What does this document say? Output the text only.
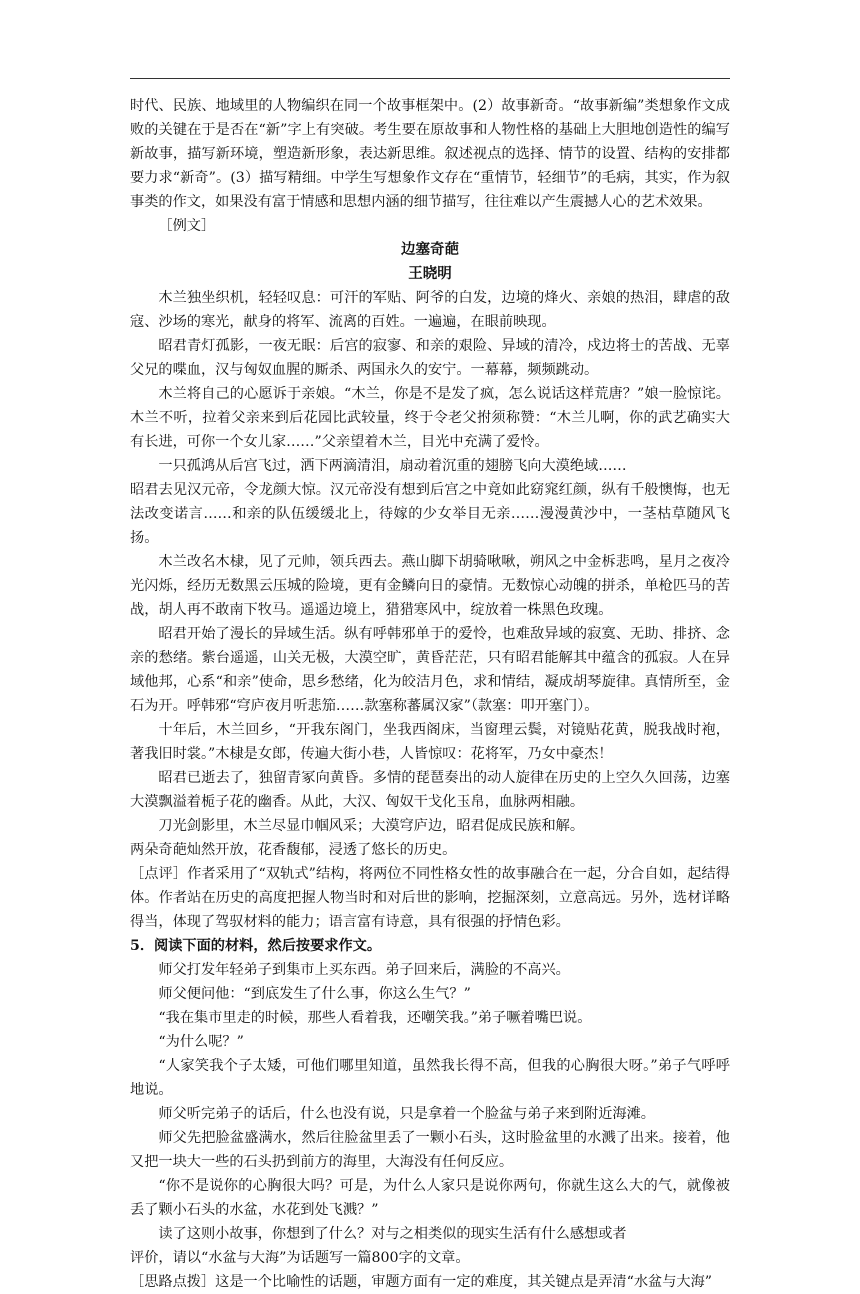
时代、民族、地域里的人物编织在同一个故事框架中。(2）故事新奇。“故事新编”类想象作文成败的关键在于是否在“新”字上有突破。考生要在原故事和人物性格的基础上大胆地创造性的编写新故事，描写新环境，塑造新形象，表达新思维。叙述视点的选择、情节的设置、结构的安排都要力求“新奇”。(3）描写精细。中学生写想象作文存在“重情节，轻细节”的毛病，其实，作为叙事类的作文，如果没有富于情感和思想内涵的细节描写，往往难以产生震撼人心的艺术效果。

［例文］

边塞奇葩

王晓明

木兰独坐织机，轻轻叹息：可汗的军贴、阿爷的白发，边境的烽火、亲娘的热泪，肆虐的敌寇、沙场的寒光，献身的将军、流离的百姓。一遍遍，在眼前映现。

昭君青灯孤影，一夜无眠：后宫的寂寥、和亲的艰险、异域的清冷，戍边将士的苦战、无辜父兄的喋血，汉与匈奴血腥的厮杀、两国永久的安宁。一幕幕，频频跳动。

木兰将自己的心愿诉于亲娘。“木兰，你是不是发了疯，怎么说话这样荒唐？”娘一脸惊诧。木兰不听，拉着父亲来到后花园比武较量，终于令老父拊须称赞：“木兰儿啊，你的武艺确实大有长进，可你一个女儿家……”父亲望着木兰，目光中充满了爱怜。

一只孤鸿从后宫飞过，洒下两滴清泪，扇动着沉重的翅膀飞向大漠绝域……

昭君去见汉元帝，令龙颜大惊。汉元帝没有想到后宫之中竟如此窈窕红颜，纵有千般懊悔，也无法改变诺言……和亲的队伍缓缓北上，待嫁的少女举目无亲……漫漫黄沙中，一茎枯草随风飞扬。

木兰改名木棣，见了元帅，领兵西去。燕山脚下胡骑啾啾，朔风之中金柝悲鸣，星月之夜冷光闪烁，经历无数黑云压城的险境，更有金鳞向日的豪情。无数惊心动魄的拼杀，单枪匹马的苦战，胡人再不敢南下牧马。遥遥边境上，猎猎寒风中，绽放着一株黑色玫瑰。

昭君开始了漫长的异域生活。纵有呼韩邪单于的爱怜，也难敌异域的寂寞、无助、排挤、念亲的愁绪。紫台遥遥，山关无极，大漠空旷，黄昏茫茫，只有昭君能解其中蕴含的孤寂。人在异域他邦，心系“和亲”使命，思乡愁绪，化为皎洁月色，求和情结，凝成胡琴旋律。真情所至，金石为开。呼韩邪“穹庐夜月听悲笳……款塞称蕃属汉家”（款塞：叩开塞门）。

十年后，木兰回乡，“开我东阁门，坐我西阁床，当窗理云鬓，对镜贴花黄，脱我战时袍，著我旧时裳。”木棣是女郎，传遍大街小巷，人皆惊叹：花将军，乃女中豪杰！

昭君已逝去了，独留青冢向黄昏。多情的琵琶奏出的动人旋律在历史的上空久久回荡，边塞大漠飘溢着栀子花的幽香。从此，大汉、匈奴干戈化玉帛，血脉两相融。

刀光剑影里，木兰尽显巾帼风采；大漠穹庐边，昭君促成民族和解。

两朵奇葩灿然开放，花香馥郁，浸透了悠长的历史。

［点评］作者采用了“双轨式”结构，将两位不同性格女性的故事融合在一起，分合自如，起结得体。作者站在历史的高度把握人物当时和对后世的影响，挖掘深刻，立意高远。另外，选材详略得当，体现了驾驭材料的能力；语言富有诗意，具有很强的抒情色彩。

5．阅读下面的材料，然后按要求作文。

师父打发年轻弟子到集市上买东西。弟子回来后，满脸的不高兴。

师父便问他：“到底发生了什么事，你这么生气？”

“我在集市里走的时候，那些人看着我，还嘲笑我。”弟子噘着嘴巴说。

“为什么呢？”

“人家笑我个子太矮，可他们哪里知道，虽然我长得不高，但我的心胸很大呀。”弟子气呼呼地说。

师父听完弟子的话后，什么也没有说，只是拿着一个脸盆与弟子来到附近海滩。

师父先把脸盆盛满水，然后往脸盆里丢了一颗小石头，这时脸盆里的水溅了出来。接着，他又把一块大一些的石头扔到前方的海里，大海没有任何反应。

“你不是说你的心胸很大吗？可是，为什么人家只是说你两句，你就生这么大的气，就像被丢了颗小石头的水盆，水花到处飞溅？”

读了这则小故事，你想到了什么？对与之相类似的现实生活有什么感想或者

评价，请以“水盆与大海”为话题写一篇800字的文章。

［思路点拨］这是一个比喻性的话题，审题方面有一定的难度，其关键点是弄清“水盆与大海”
